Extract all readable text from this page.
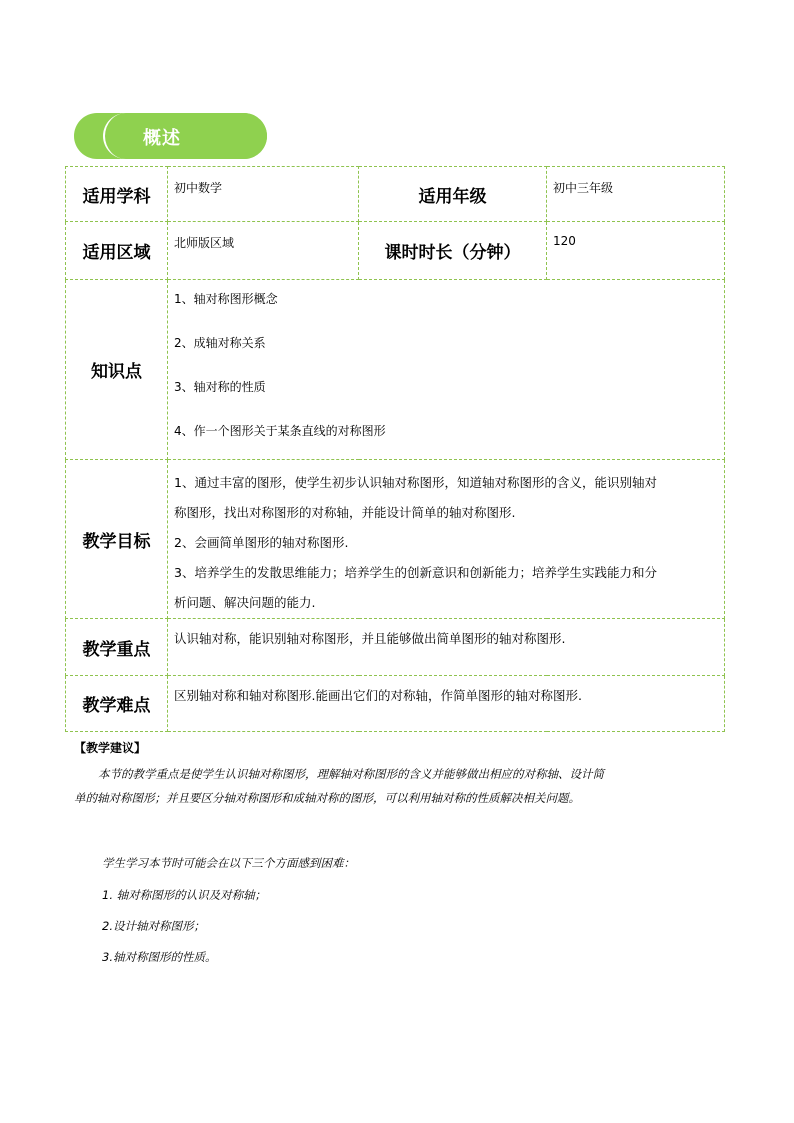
概述
适用学科	初中数学	适用年级	初中三年级
适用区域	北师版区域	课时时长（分钟）	120
知识点	1、轴对称图形概念
2、成轴对称关系
3、轴对称的性质
4、作一个图形关于某条直线的对称图形		

教学目标	1、通过丰富的图形，使学生初步认识轴对称图形，知道轴对称图形的含义，能识别轴对
称图形，找出对称图形的对称轴，并能设计简单的轴对称图形.
2、会画简单图形的轴对称图形.
3、培养学生的发散思维能力；培养学生的创新意识和创新能力；培养学生实践能力和分
析问题、解决问题的能力.		

教学重点	认识轴对称，能识别轴对称图形，并且能够做出简单图形的轴对称图形.		
教学难点	区别轴对称和轴对称图形.能画出它们的对称轴，作简单图形的轴对称图形.		
【教学建议】
本节的教学重点是使学生认识轴对称图形，理解轴对称图形的含义并能够做出相应的对称轴、设计简
单的轴对称图形；并且要区分轴对称图形和成轴对称的图形，可以利用轴对称的性质解决相关问题。
学生学习本节时可能会在以下三个方面感到困难：
1. 轴对称图形的认识及对称轴；
2.设计轴对称图形；
3.轴对称图形的性质。
